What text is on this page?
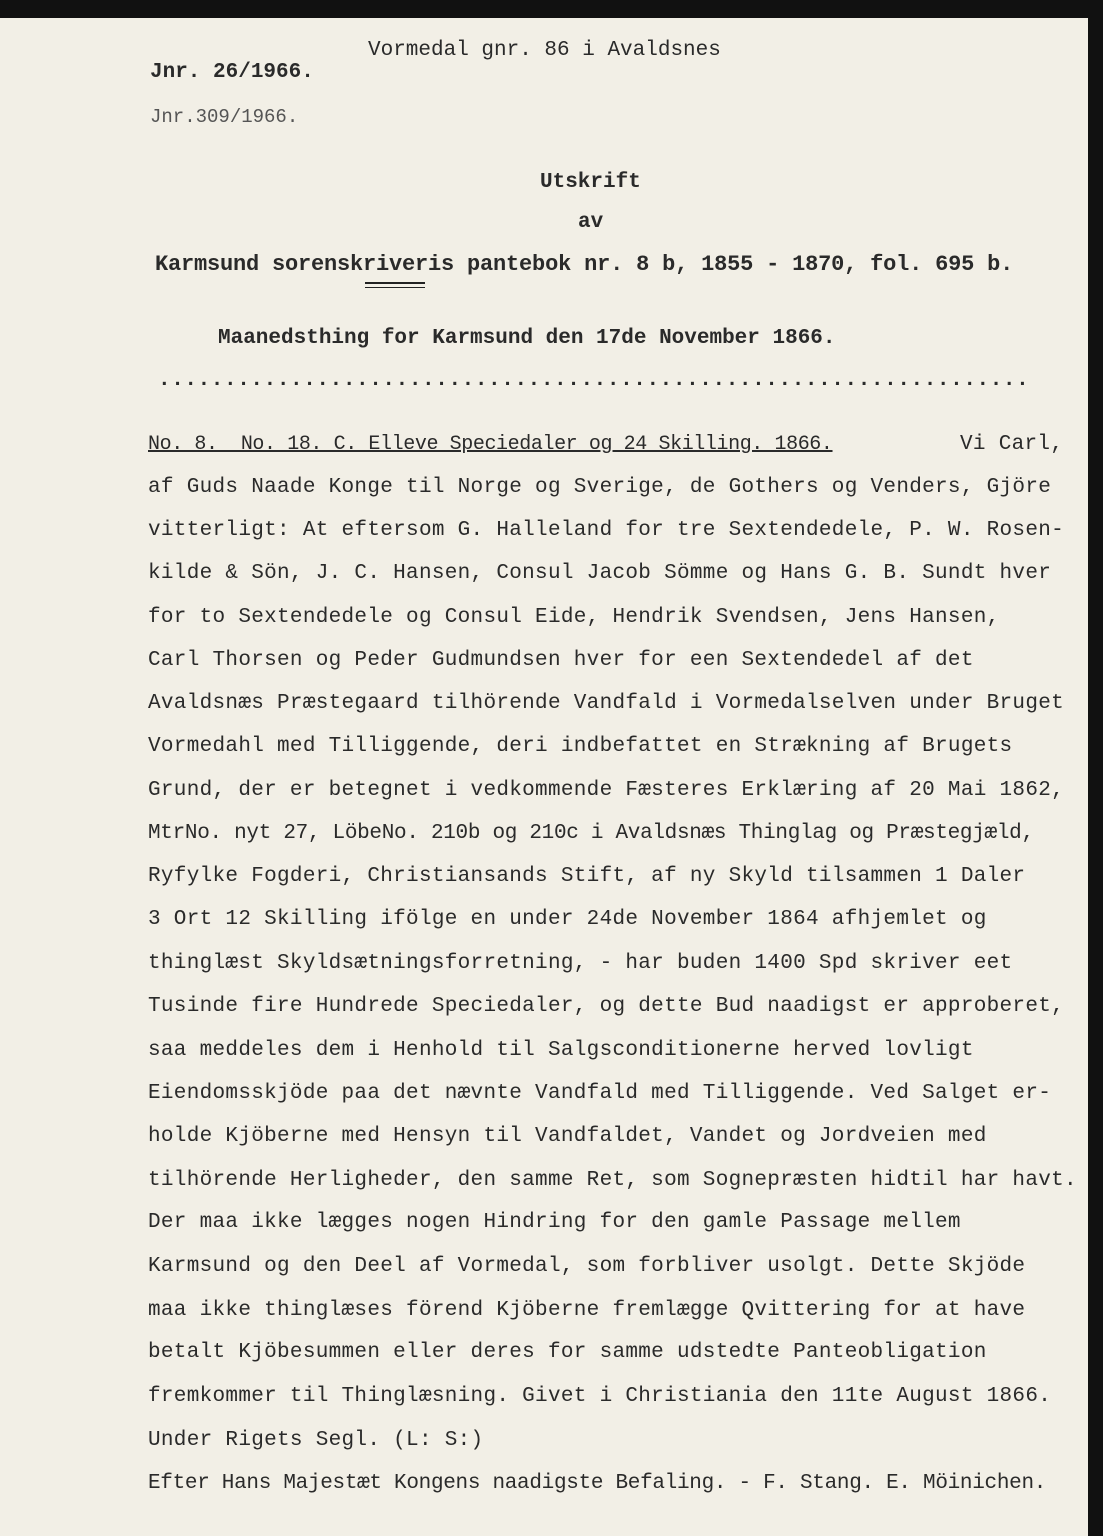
Vormedal gnr. 86 i Avaldsnes
Jnr. 26/1966.
Jnr.309/1966.
Utskrift
av
Karmsund sorenskriveris pantebok nr. 8 b, 1855 - 1870, fol. 695 b.
Maanedsthing for Karmsund den 17de November 1866.
..................................................................
No. 8.  No. 18. C. Elleve Speciedaler og 24 Skilling. 1866.	Vi Carl,
af Guds Naade Konge til Norge og Sverige, de Gothers og Venders, Gjöre
vitterligt: At eftersom G. Halleland for tre Sextendedele, P. W. Rosen-
kilde & Sön, J. C. Hansen, Consul Jacob Sömme og Hans G. B. Sundt hver
for to Sextendedele og Consul Eide, Hendrik Svendsen, Jens Hansen,
Carl Thorsen og Peder Gudmundsen hver for een Sextendedel af det
Avaldsnæs Præstegaard tilhörende Vandfald i Vormedalselven under Bruget
Vormedahl med Tilliggende, deri indbefattet en Strækning af Brugets
Grund, der er betegnet i vedkommende Fæsteres Erklæring af 20 Mai 1862,
MtrNo. nyt 27, LöbeNo. 210b og 210c i Avaldsnæs Thinglag og Præstegjæld,
Ryfylke Fogderi, Christiansands Stift, af ny Skyld tilsammen 1 Daler
3 Ort 12 Skilling ifölge en under 24de November 1864 afhjemlet og
thinglæst Skyldsætningsforretning, - har buden 1400 Spd skriver eet
Tusinde fire Hundrede Speciedaler, og dette Bud naadigst er approberet,
saa meddeles dem i Henhold til Salgsconditionerne herved lovligt
Eiendomsskjöde paa det nævnte Vandfald med Tilliggende. Ved Salget er-
holde Kjöberne med Hensyn til Vandfaldet, Vandet og Jordveien med
tilhörende Herligheder, den samme Ret, som Sognepræsten hidtil har havt.
Der maa ikke lægges nogen Hindring for den gamle Passage mellem
Karmsund og den Deel af Vormedal, som forbliver usolgt. Dette Skjöde
maa ikke thinglæses förend Kjöberne fremlægge Qvittering for at have
betalt Kjöbesummen eller deres for samme udstedte Panteobligation
fremkommer til Thinglæsning. Givet i Christiania den 11te August 1866.
Under Rigets Segl. (L: S:)
Efter Hans Majestæt Kongens naadigste Befaling. - F. Stang. E. Möinichen.
